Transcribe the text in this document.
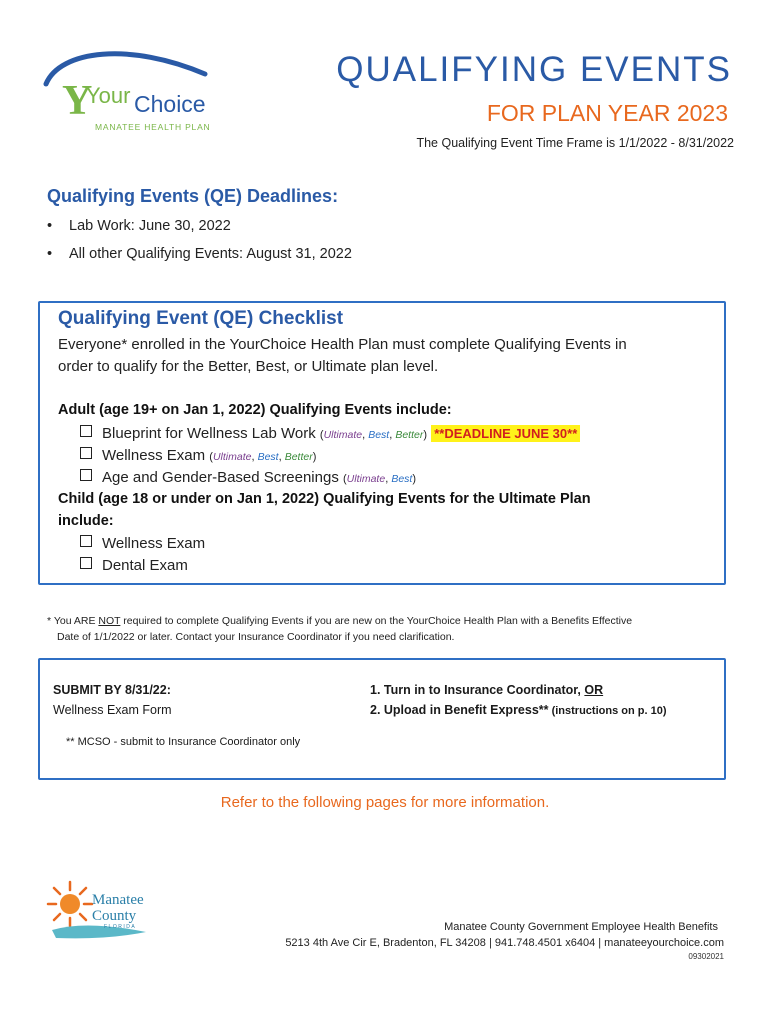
Y
Your Choice
MANATEE HEALTH PLAN
QUALIFYING EVENTS
FOR PLAN YEAR 2023
The Qualifying Event Time Frame is 1/1/2022 - 8/31/2022
Qualifying Events (QE) Deadlines:
• Lab Work: June 30, 2022
• All other Qualifying Events: August 31, 2022
Qualifying Event (QE) Checklist
Everyone* enrolled in the YourChoice Health Plan must complete Qualifying Events in
order to qualify for the Better, Best, or Ultimate plan level.
Adult (age 19+ on Jan 1, 2022) Qualifying Events include:
Blueprint for Wellness Lab Work (Ultimate, Best, Better) **DEADLINE JUNE 30**
Wellness Exam (Ultimate, Best, Better)
Age and Gender-Based Screenings (Ultimate, Best)
Child (age 18 or under on Jan 1, 2022) Qualifying Events for the Ultimate Plan
include:
Wellness Exam
Dental Exam
* You ARE NOT required to complete Qualifying Events if you are new on the YourChoice Health Plan with a Benefits Effective
Date of 1/1/2022 or later. Contact your Insurance Coordinator if you need clarification.
SUBMIT BY 8/31/22:
Wellness Exam Form
1. Turn in to Insurance Coordinator, OR
2. Upload in Benefit Express** (instructions on p. 10)
** MCSO - submit to Insurance Coordinator only
Refer to the following pages for more information.
Manatee
County
FLORIDA	Manatee County Government Employee Health Benefits
5213 4th Ave Cir E, Bradenton, FL 34208 | 941.748.4501 x6404 | manateeyourchoice.com
09302021
